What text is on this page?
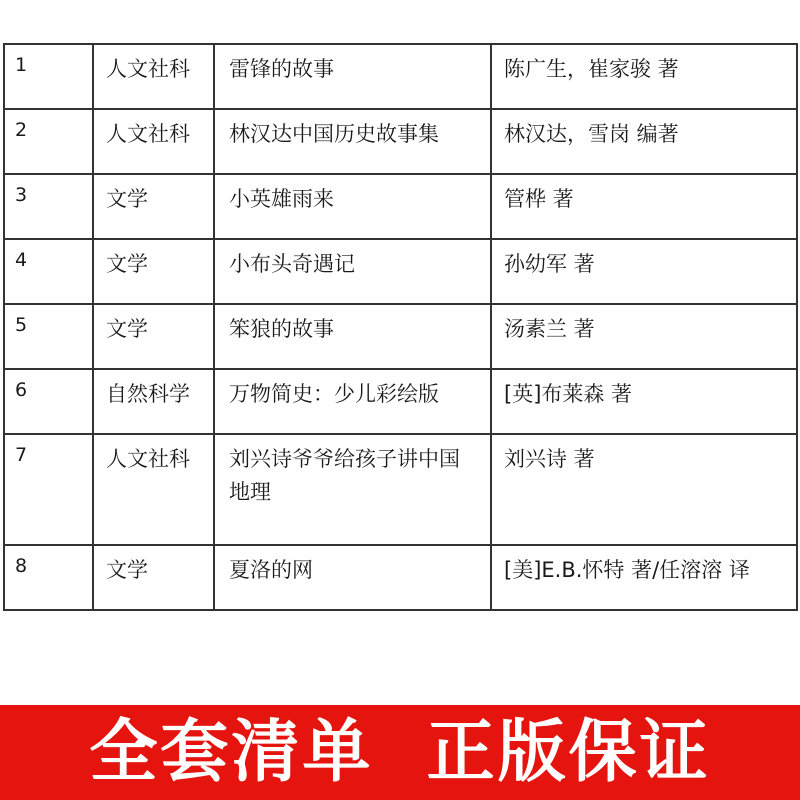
1	人文社科	雷锋的故事	陈广生，崔家骏 著
2	人文社科	林汉达中国历史故事集	林汉达，雪岗 编著
3	文学	小英雄雨来	管桦 著
4	文学	小布头奇遇记	孙幼军 著
5	文学	笨狼的故事	汤素兰 著
6	自然科学	万物简史：少儿彩绘版	[英]布莱森 著
7	人文社科	刘兴诗爷爷给孩子讲中国地理	刘兴诗 著
8	文学	夏洛的网	[美]E.B.怀特 著/任溶溶 译
全套清单  正版保证
